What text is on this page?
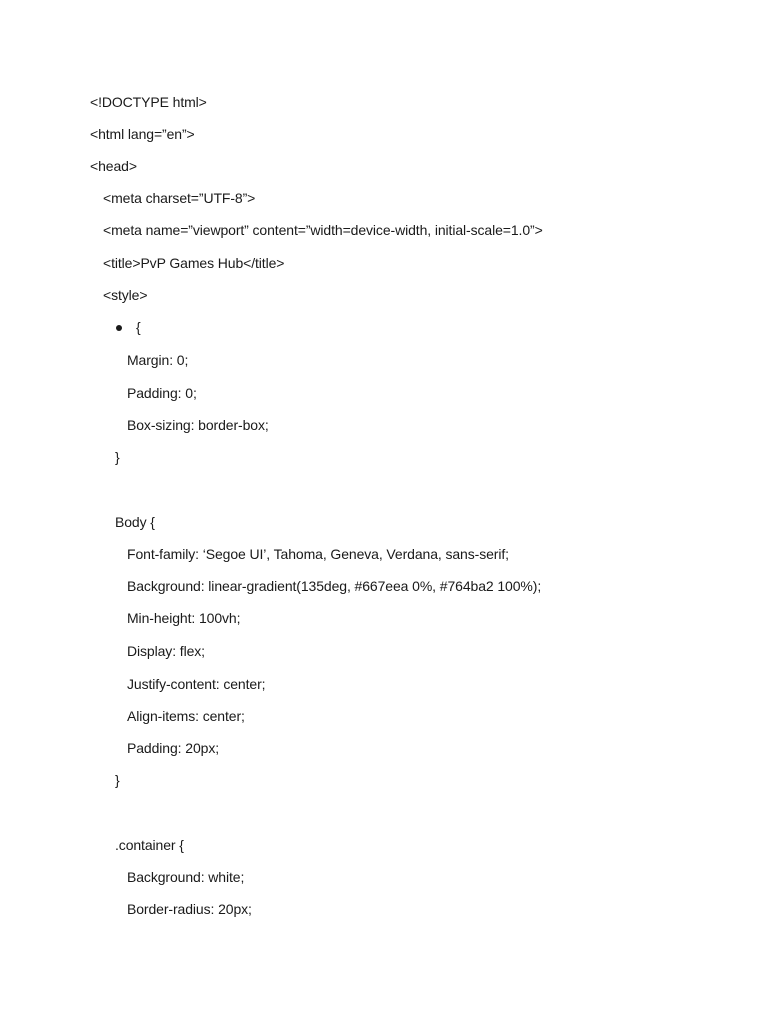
<!DOCTYPE html>
<html lang=”en”>
<head>
<meta charset=”UTF-8”>
<meta name=”viewport” content=”width=device-width, initial-scale=1.0”>
<title>PvP Games Hub</title>
<style>
{
Margin: 0;
Padding: 0;
Box-sizing: border-box;
}
Body {
Font-family: ‘Segoe UI’, Tahoma, Geneva, Verdana, sans-serif;
Background: linear-gradient(135deg, #667eea 0%, #764ba2 100%);
Min-height: 100vh;
Display: flex;
Justify-content: center;
Align-items: center;
Padding: 20px;
}
.container {
Background: white;
Border-radius: 20px;
